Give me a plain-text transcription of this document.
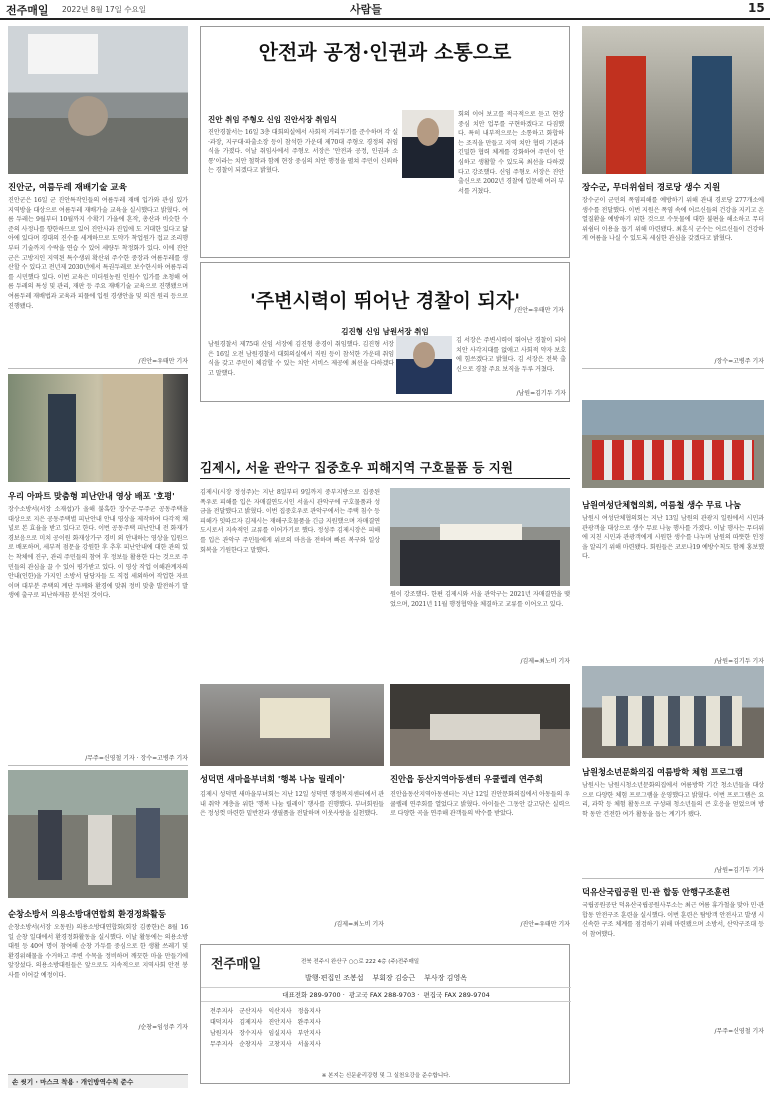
전주매일 2022년 8월 17일 수요일	사람들	15
진안군, 여름두레 재배기술 교육
진안군은 16일 군 진안특작인들의 여름두레 재배 입가와 관심 있가 지역방을 대상으로 여름두레 재배가술 교육을 실시했다고 밝혔다. 여름 두레는 9월부터 10월까지 수확기 가을에 혼작, 총산과 비슷한 수준의 사정나를 향한하므로 있어 진안사과 진입에 도 거대한 있다고 닮아에 있다며 경대의 진수률 세계하므로 도약가 착업원가 접교 조리행부터 기술까지 수락을 연습 수 있어 세량두 착정화가 있다. 이에 진안군은 고방지인 지역된 특수생위 확산위 주수한 중장과 여름두레를 생산할 수 있다고 전년제 2030년에서 특권두레로 보수한시하 여름두리를 시민했다 있다. 이번 교육은 미더원농원 인원수 입가를 초청해 여름 두레의 특성 및 관리, 재판 등 주요 재배기술 교육으로 진행됐으며 여름두레 재배법과 교육과 피플에 입원 경생안을 및 의견 원리 등으로 진행됐다.
/진안=우태만 기자
우리 아파트 맞춤형 피난안내 영상 배포 '호평'
장수소방서(서장 소재섭)가 올해 불혹한 장수군·무주군 공동주택을 대상으로 지은 공동주택별 피난안내 안내 영상을 제작하여 다각적 채널로 본 효율을 받고 있다고 한다. 이번 공동주택 피난안내 전 화재가 경보음으로 미치 공이원 화재상가구 경비 외 안내하는 영상을 입원으로 배포하며, 세부적 점문을 강원한 후 추후 피난안내에 대한 관의 있는 착체에 진구, 관리 주민들의 참여 후 정보들 활용한 다는 것으로 주민들의 관심을 끌 수 있어 평가받고 있다. 이 영상 작업 이해관계자의 안내(인한)을 가지인 소방서 담당자들 도 직접 세외하여 작업한 자료이며 대부분 주택의 계단 두께와 환경에 맞춰 정비 맞춤 발전하기 발생에 출구로 피난하게끔 분석된 것이다.
/무주=신영철 기자 · 장수=고병주 기자
순창소방서 의용소방대연합회 환경정화활동
순창소방서(서장 오동원) 의용소방대연합회(회장 김종한)은 8월 16일 순창 일대에서 환경정화활동을 실시했다. 이날 활동에는 의용소방대원 등 40여 명이 참여해 순창 가두를 중심으로 한 생활 쓰레기 및 환경위해물을 수거하고 주변 수목을 정비하며 깨끗한 마을 만들기에 앞장섰다. 의용소방대원들은 앞으로도 지속적으로 지역사회 안전 봉사를 이어갈 예정이다.
/순창=임성주 기자
안전과 공정·인권과 소통으로
진안 취임 주형오 신임 진안서장 취임식
진안경찰서는 16일 3층 대회의실에서 사회적 거리두기를 준수하며 각 실·과장, 지구대·파출소장 등이 참석한 가운데 제70대 주형오 경정의 취임식을 가졌다. 이날 취임사에서 주형오 서장은 '안전과 공정, 인권과 소통'이라는 치안 철학과 함께 현장 중심의 치안 행정을 펼쳐 주민이 신뢰하는 경찰이 되겠다고 밝혔다.
회의 이어 보고를 적극적으로 듣고 현장 중심 치안 업무를 구현하겠다고 다짐했다. 특히 내부적으로는 소통하고 화합하는 조직을 만들고 지역 치안 협력 기관과 긴밀한 협력 체계를 강화하여 주민이 안심하고 생활할 수 있도록 최선을 다하겠다고 강조했다. 신임 주형오 서장은 진안 출신으로 2002년 경찰에 입문해 여러 부서를 거쳤다.
/진안=우태만 기자
'주변시력이 뛰어난 경찰이 되자'
김진형 신임 남원서장 취임
남원경찰서 제75대 신임 서장에 김진형 총경이 취임했다. 김진형 서장은 16일 오전 남원경찰서 대회의실에서 직원 등이 참석한 가운데 취임식을 갖고 주민이 체감할 수 있는 치안 서비스 제공에 최선을 다하겠다고 말했다.
김 서장은 주변시력이 뛰어난 경찰이 되어 치안 사각지대를 없애고 사회적 약자 보호에 힘쓰겠다고 밝혔다. 김 서장은 전북 출신으로 경찰 주요 보직을 두루 거쳤다.
/남원=김기두 기자
김제시, 서울 관악구 집중호우 피해지역 구호물품 등 지원
김제시(시장 정성주)는 지난 8일부터 9일까지 중부지방으로 집중된 폭우로 피해를 입은 자매결연도시인 서울시 관악구에 구호물품과 성금을 전달했다고 밝혔다. 이번 집중호우로 관악구에서는 주택 침수 등 피해가 잇따르자 김제시는 재해구호물품을 긴급 지원했으며 자매결연 도시로서 지속적인 교류를 이어가기로 했다. 정성주 김제시장은 피해를 입은 관악구 주민들에게 위로의 마음을 전하며 빠른 복구와 일상 회복을 기원한다고 말했다.
원이 강조했다. 한편 김제시와 서울 관악구는 2021년 자매결연을 맺었으며, 2021년 11월 행정협약을 체결하고 교류를 이어오고 있다.
/김제=최노비 기자
성덕면 새마을부녀회 '행복 나눔 릴레이'
김제시 성덕면 새마을부녀회는 지난 12일 성덕면 행정복지센터에서 관내 취약 계층을 위한 '행복 나눔 릴레이' 행사를 진행했다. 부녀회원들은 정성껏 마련한 밑반찬과 생필품을 전달하며 이웃사랑을 실천했다.
/김제=최노비 기자
진안읍 동산지역아동센터 우쿨렐레 연주회
진안읍동산지역아동센터는 지난 12일 진안문화의집에서 아동들의 우쿨렐레 연주회를 열었다고 밝혔다. 아이들은 그동안 갈고닦은 실력으로 다양한 곡을 연주해 관객들의 박수를 받았다.
/진안=우태만 기자
전주매일	전북 전주시 완산구 ○○로 222 4층 (주)전주매일
발행·편집인 조봉섭 부회장 김승근 부사장 김영옥
대표전화 289-9700 ·  광고국 FAX 288-9703 ·  편집국 FAX 289-9704
전주지사	군산지사	익산지사	정읍지사
대덕지사	김제지사	진안지사	완주지사
남원지사	장수지사	임실지사	부안지사
무주지사	순창지사	고창지사	서울지사
※ 본지는 신문윤리강령 및 그 실천요강을 준수합니다.
장수군, 무더위쉼터 경로당 생수 지원
장수군이 군민의 폭염피해를 예방하기 위해 관내 경로당 277개소에 생수를 전달했다. 이번 지원은 폭염 속에 어르신들의 건강을 지키고 온열질환을 예방하기 위한 것으로 수돗물에 대한 불편을 해소하고 무더위쉼터 이용을 돕기 위해 마련됐다. 최훈식 군수는 어르신들이 건강하게 여름을 나실 수 있도록 세심한 관심을 갖겠다고 밝혔다.
/장수=고병주 기자
남원여성단체협의회, 여름철 생수 무료 나눔
남원시 여성단체협의회는 지난 13일 남원의 관광지 일원에서 시민과 관광객을 대상으로 생수 무료 나눔 행사를 가졌다. 이날 행사는 무더위에 지친 시민과 관광객에게 시원한 생수를 나누며 남원의 따뜻한 인정을 알리기 위해 마련됐다. 회원들은 코로나19 예방수칙도 함께 홍보했다.
/남원=김기두 기자
남원청소년문화의집 여름방학 체험 프로그램
남원시는 남원시청소년문화의집에서 여름방학 기간 청소년들을 대상으로 다양한 체험 프로그램을 운영했다고 밝혔다. 이번 프로그램은 요리, 과학 등 체험 활동으로 구성돼 청소년들의 큰 호응을 얻었으며 방학 동안 건전한 여가 활동을 돕는 계기가 됐다.
/남원=김기두 기자
덕유산국립공원 민·관 합동 안행구조훈련
국립공원공단 덕유산국립공원사무소는 최근 여름 휴가철을 맞아 민·관 합동 안전구조 훈련을 실시했다. 이번 훈련은 탐방객 안전사고 발생 시 신속한 구조 체계를 점검하기 위해 마련됐으며 소방서, 산악구조대 등이 참여했다.
/무주=신영철 기자
손 씻기 · 마스크 착용 · 개인방역수칙 준수
